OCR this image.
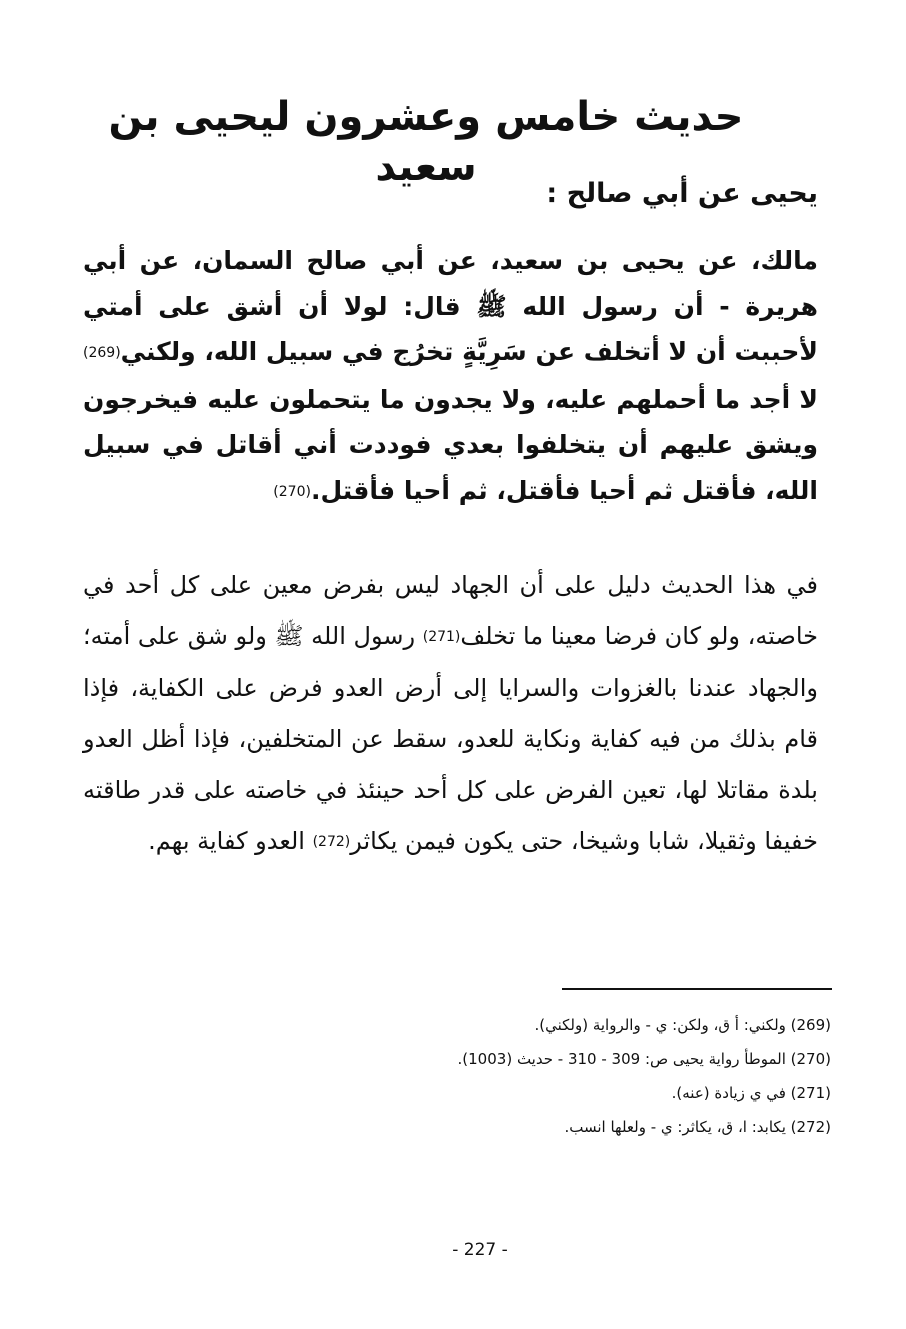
حديث خامس وعشرون ليحيى بن سعيد
يحيى عن أبي صالح :

مالك، عن يحيى بن سعيد، عن أبي صالح السمان، عن أبي هريرة - أن رسول الله ﷺ قال: لولا أن أشق على أمتي لأحببت أن لا أتخلف عن سَرِيَّةٍ تخرُج في سبيل الله، ولكني(269) لا أجد ما أحملهم عليه، ولا يجدون ما يتحملون عليه فيخرجون ويشق عليهم أن يتخلفوا بعدي فوددت أني أقاتل في سبيل الله، فأقتل ثم أحيا فأقتل، ثم أحيا فأقتل.(270)

في هذا الحديث دليل على أن الجهاد ليس بفرض معين على كل أحد في خاصته، ولو كان فرضا معينا ما تخلف(271) رسول الله ﷺ ولو شق على أمته؛ والجهاد عندنا بالغزوات والسرايا إلى أرض العدو فرض على الكفاية، فإذا قام بذلك من فيه كفاية ونكاية للعدو، سقط عن المتخلفين، فإذا أظل العدو بلدة مقاتلا لها، تعين الفرض على كل أحد حينئذ في خاصته على قدر طاقته خفيفا وثقيلا، شابا وشيخا، حتى يكون فيمن يكاثر(272) العدو كفاية بهم.

(269) ولكني: أ ق، ولكن: ي - والرواية (ولكني).
(270) الموطأ رواية يحيى ص: 309 - 310 - حديث (1003).
(271) في ي زيادة (عنه).
(272) يكابد: ا، ق، يكاثر: ي - ولعلها انسب.
- 227 -
